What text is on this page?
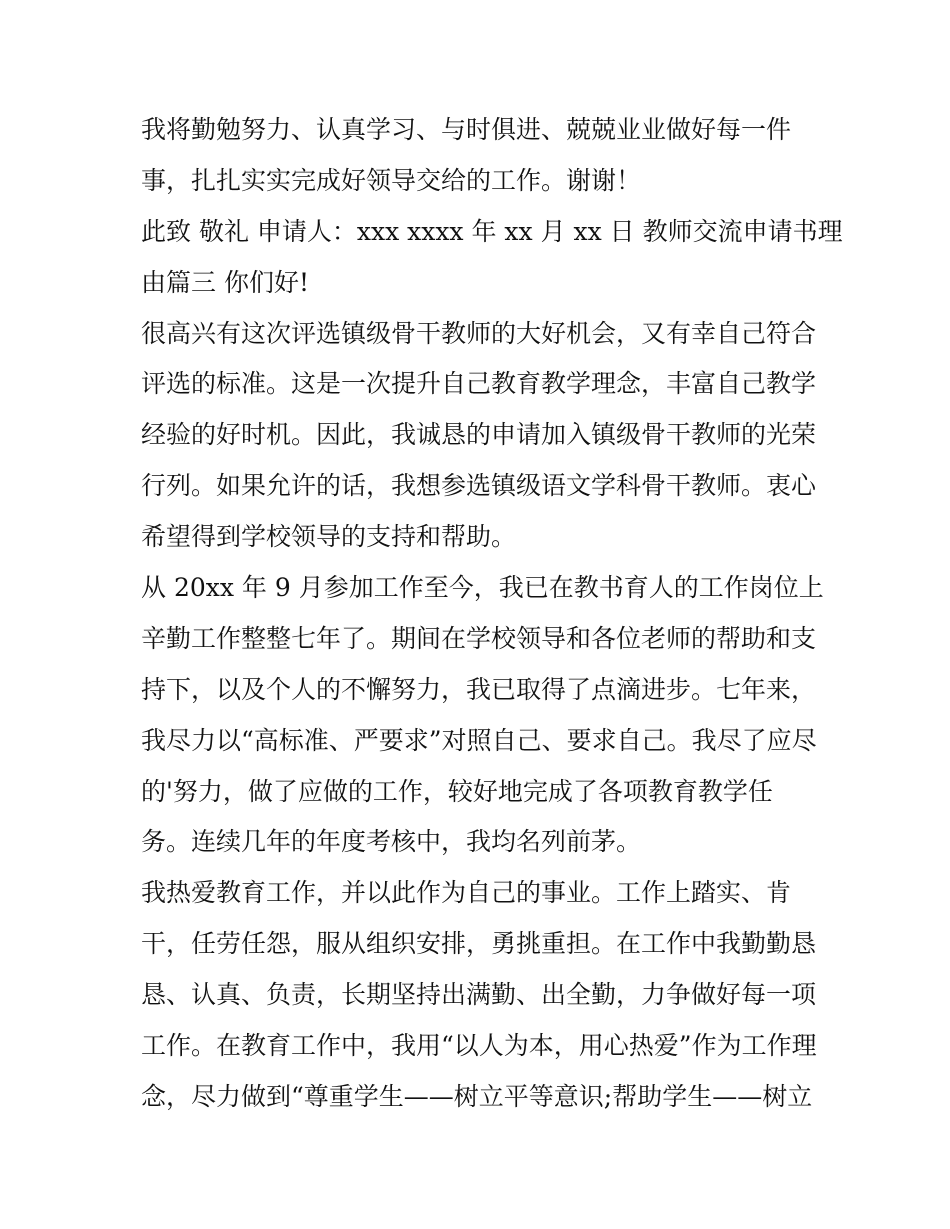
我将勤勉努力、认真学习、与时俱进、兢兢业业做好每一件
事，扎扎实实完成好领导交给的工作。谢谢！
此致 敬礼 申请人：xxx xxxx 年 xx 月 xx 日 教师交流申请书理
由篇三 你们好!
很高兴有这次评选镇级骨干教师的大好机会，又有幸自己符合
评选的标准。这是一次提升自己教育教学理念，丰富自己教学
经验的好时机。因此，我诚恳的申请加入镇级骨干教师的光荣
行列。如果允许的话，我想参选镇级语文学科骨干教师。衷心
希望得到学校领导的支持和帮助。
从 20xx 年 9 月参加工作至今，我已在教书育人的工作岗位上
辛勤工作整整七年了。期间在学校领导和各位老师的帮助和支
持下，以及个人的不懈努力，我已取得了点滴进步。七年来，
我尽力以“高标准、严要求”对照自己、要求自己。我尽了应尽
的'努力，做了应做的工作，较好地完成了各项教育教学任
务。连续几年的年度考核中，我均名列前茅。
我热爱教育工作，并以此作为自己的事业。工作上踏实、肯
干，任劳任怨，服从组织安排，勇挑重担。在工作中我勤勤恳
恳、认真、负责，长期坚持出满勤、出全勤，力争做好每一项
工作。在教育工作中，我用“以人为本，用心热爱”作为工作理
念，尽力做到“尊重学生——树立平等意识;帮助学生——树立
